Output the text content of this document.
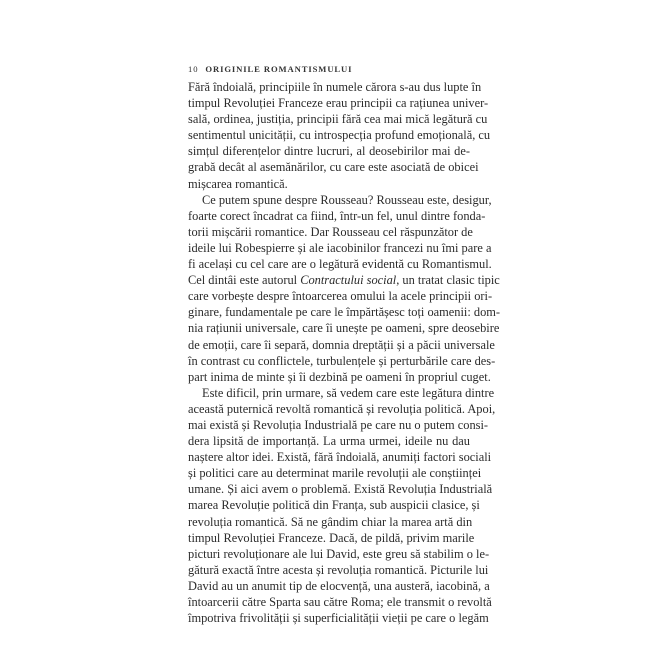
10 ORIGINILE ROMANTISMULUI
Fără îndoială, principiile în numele cărora s-au dus lupte în
timpul Revoluției Franceze erau principii ca rațiunea univer-
sală, ordinea, justiția, principii fără cea mai mică legătură cu
sentimentul unicității, cu introspecția profund emoțională, cu
simțul diferențelor dintre lucruri, al deosebirilor mai de-
grabă decât al asemănărilor, cu care este asociată de obicei
mișcarea romantică.
Ce putem spune despre Rousseau? Rousseau este, desigur,
foarte corect încadrat ca fiind, într-un fel, unul dintre fonda-
torii mișcării romantice. Dar Rousseau cel răspunzător de
ideile lui Robespierre și ale iacobinilor francezi nu îmi pare a
fi același cu cel care are o legătură evidentă cu Romantismul.
Cel dintâi este autorul Contractului social, un tratat clasic tipic
care vorbește despre întoarcerea omului la acele principii ori-
ginare, fundamentale pe care le împărtășesc toți oamenii: dom-
nia rațiunii universale, care îi unește pe oameni, spre deosebire
de emoții, care îi separă, domnia dreptății și a păcii universale
în contrast cu conflictele, turbulențele și perturbările care des-
part inima de minte și îi dezbină pe oameni în propriul cuget.
Este dificil, prin urmare, să vedem care este legătura dintre
această puternică revoltă romantică și revoluția politică. Apoi,
mai există și Revoluția Industrială pe care nu o putem consi-
dera lipsită de importanță. La urma urmei, ideile nu dau
naștere altor idei. Există, fără îndoială, anumiți factori sociali
și politici care au determinat marile revoluții ale conștiinței
umane. Și aici avem o problemă. Există Revoluția Industrială
marea Revoluție politică din Franța, sub auspicii clasice, și
revoluția romantică. Să ne gândim chiar la marea artă din
timpul Revoluției Franceze. Dacă, de pildă, privim marile
picturi revoluționare ale lui David, este greu să stabilim o le-
gătură exactă între acesta și revoluția romantică. Picturile lui
David au un anumit tip de elocvență, una austeră, iacobină, a
întoarcerii către Sparta sau către Roma; ele transmit o revoltă
împotriva frivolității și superficialității vieții pe care o legăm
